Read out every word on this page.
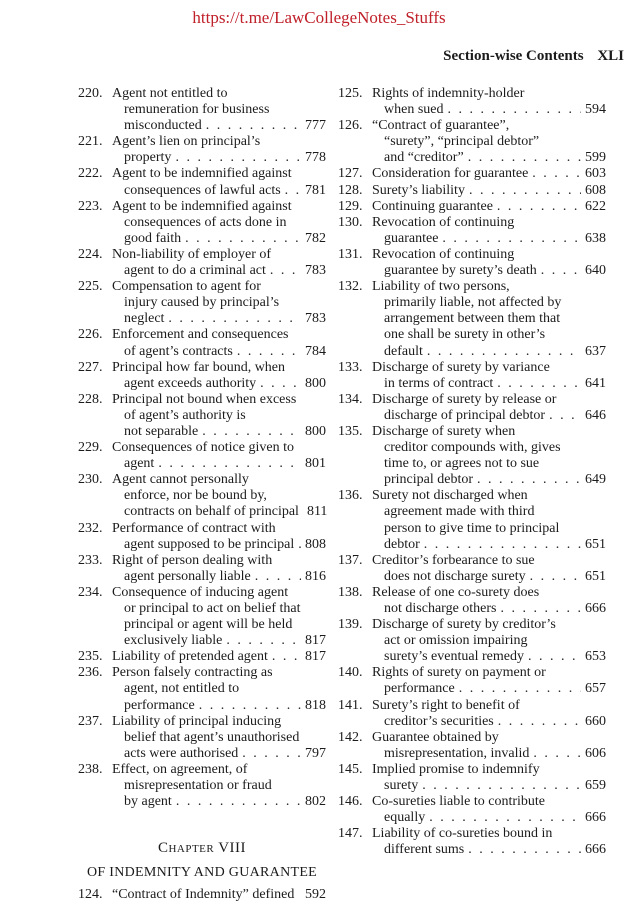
https://t.me/LawCollegeNotes_Stuffs
Section-wise Contents XLI
220. Agent not entitled to
remuneration for business
misconducted . . .	777
221. Agent’s lien on principal’s
property . . .	778
222. Agent to be indemnified against
consequences of lawful acts . . . 781
223. Agent to be indemnified against
consequences of acts done in
good faith . . .	782
224. Non-liability of employer of
agent to do a criminal act . . .	783
225. Compensation to agent for
injury caused by principal’s
neglect . . .	783
226. Enforcement and consequences
of agent’s contracts . . .	784
227. Principal how far bound, when
agent exceeds authority . . .	800
228. Principal not bound when excess
of agent’s authority is
not separable . . .	800
229. Consequences of notice given to
agent . . .	801
230. Agent cannot personally
enforce, nor be bound by,
contracts on behalf of principal 811
232. Performance of contract with
agent supposed to be principal . . . 808
233. Right of person dealing with
agent personally liable . . .	816
234. Consequence of inducing agent
or principal to act on belief that
principal or agent will be held
exclusively liable . . .	817
235. Liability of pretended agent . . .	817
236. Person falsely contracting as
agent, not entitled to
performance . . .	818
237. Liability of principal inducing
belief that agent’s unauthorised
acts were authorised . . .	797
238. Effect, on agreement, of
misrepresentation or fraud
by agent . . .	802
Chapter VIII
OF INDEMNITY AND GUARANTEE
124. “Contract of Indemnity” defined 592
125. Rights of indemnity-holder
when sued . . .	594
126. “Contract of guarantee”,
“surety”, “principal debtor”
and “creditor” . . .	599
127. Consideration for guarantee . . .	603
128. Surety’s liability . . .	608
129. Continuing guarantee . . .	622
130. Revocation of continuing
guarantee . . .	638
131. Revocation of continuing
guarantee by surety’s death . . .	640
132. Liability of two persons,
primarily liable, not affected by
arrangement between them that
one shall be surety in other’s
default . . .	637
133. Discharge of surety by variance
in terms of contract . . .	641
134. Discharge of surety by release or
discharge of principal debtor . . .	646
135. Discharge of surety when
creditor compounds with, gives
time to, or agrees not to sue
principal debtor . . .	649
136. Surety not discharged when
agreement made with third
person to give time to principal
debtor . . .	651
137. Creditor’s forbearance to sue
does not discharge surety . . .	651
138. Release of one co-surety does
not discharge others . . .	666
139. Discharge of surety by creditor’s
act or omission impairing
surety’s eventual remedy . . .	653
140. Rights of surety on payment or
performance . . .	657
141. Surety’s right to benefit of
creditor’s securities . . .	660
142. Guarantee obtained by
misrepresentation, invalid . . .	606
145. Implied promise to indemnify
surety . . .	659
146. Co-sureties liable to contribute
equally . . .	666
147. Liability of co-sureties bound in
different sums . . .	666
